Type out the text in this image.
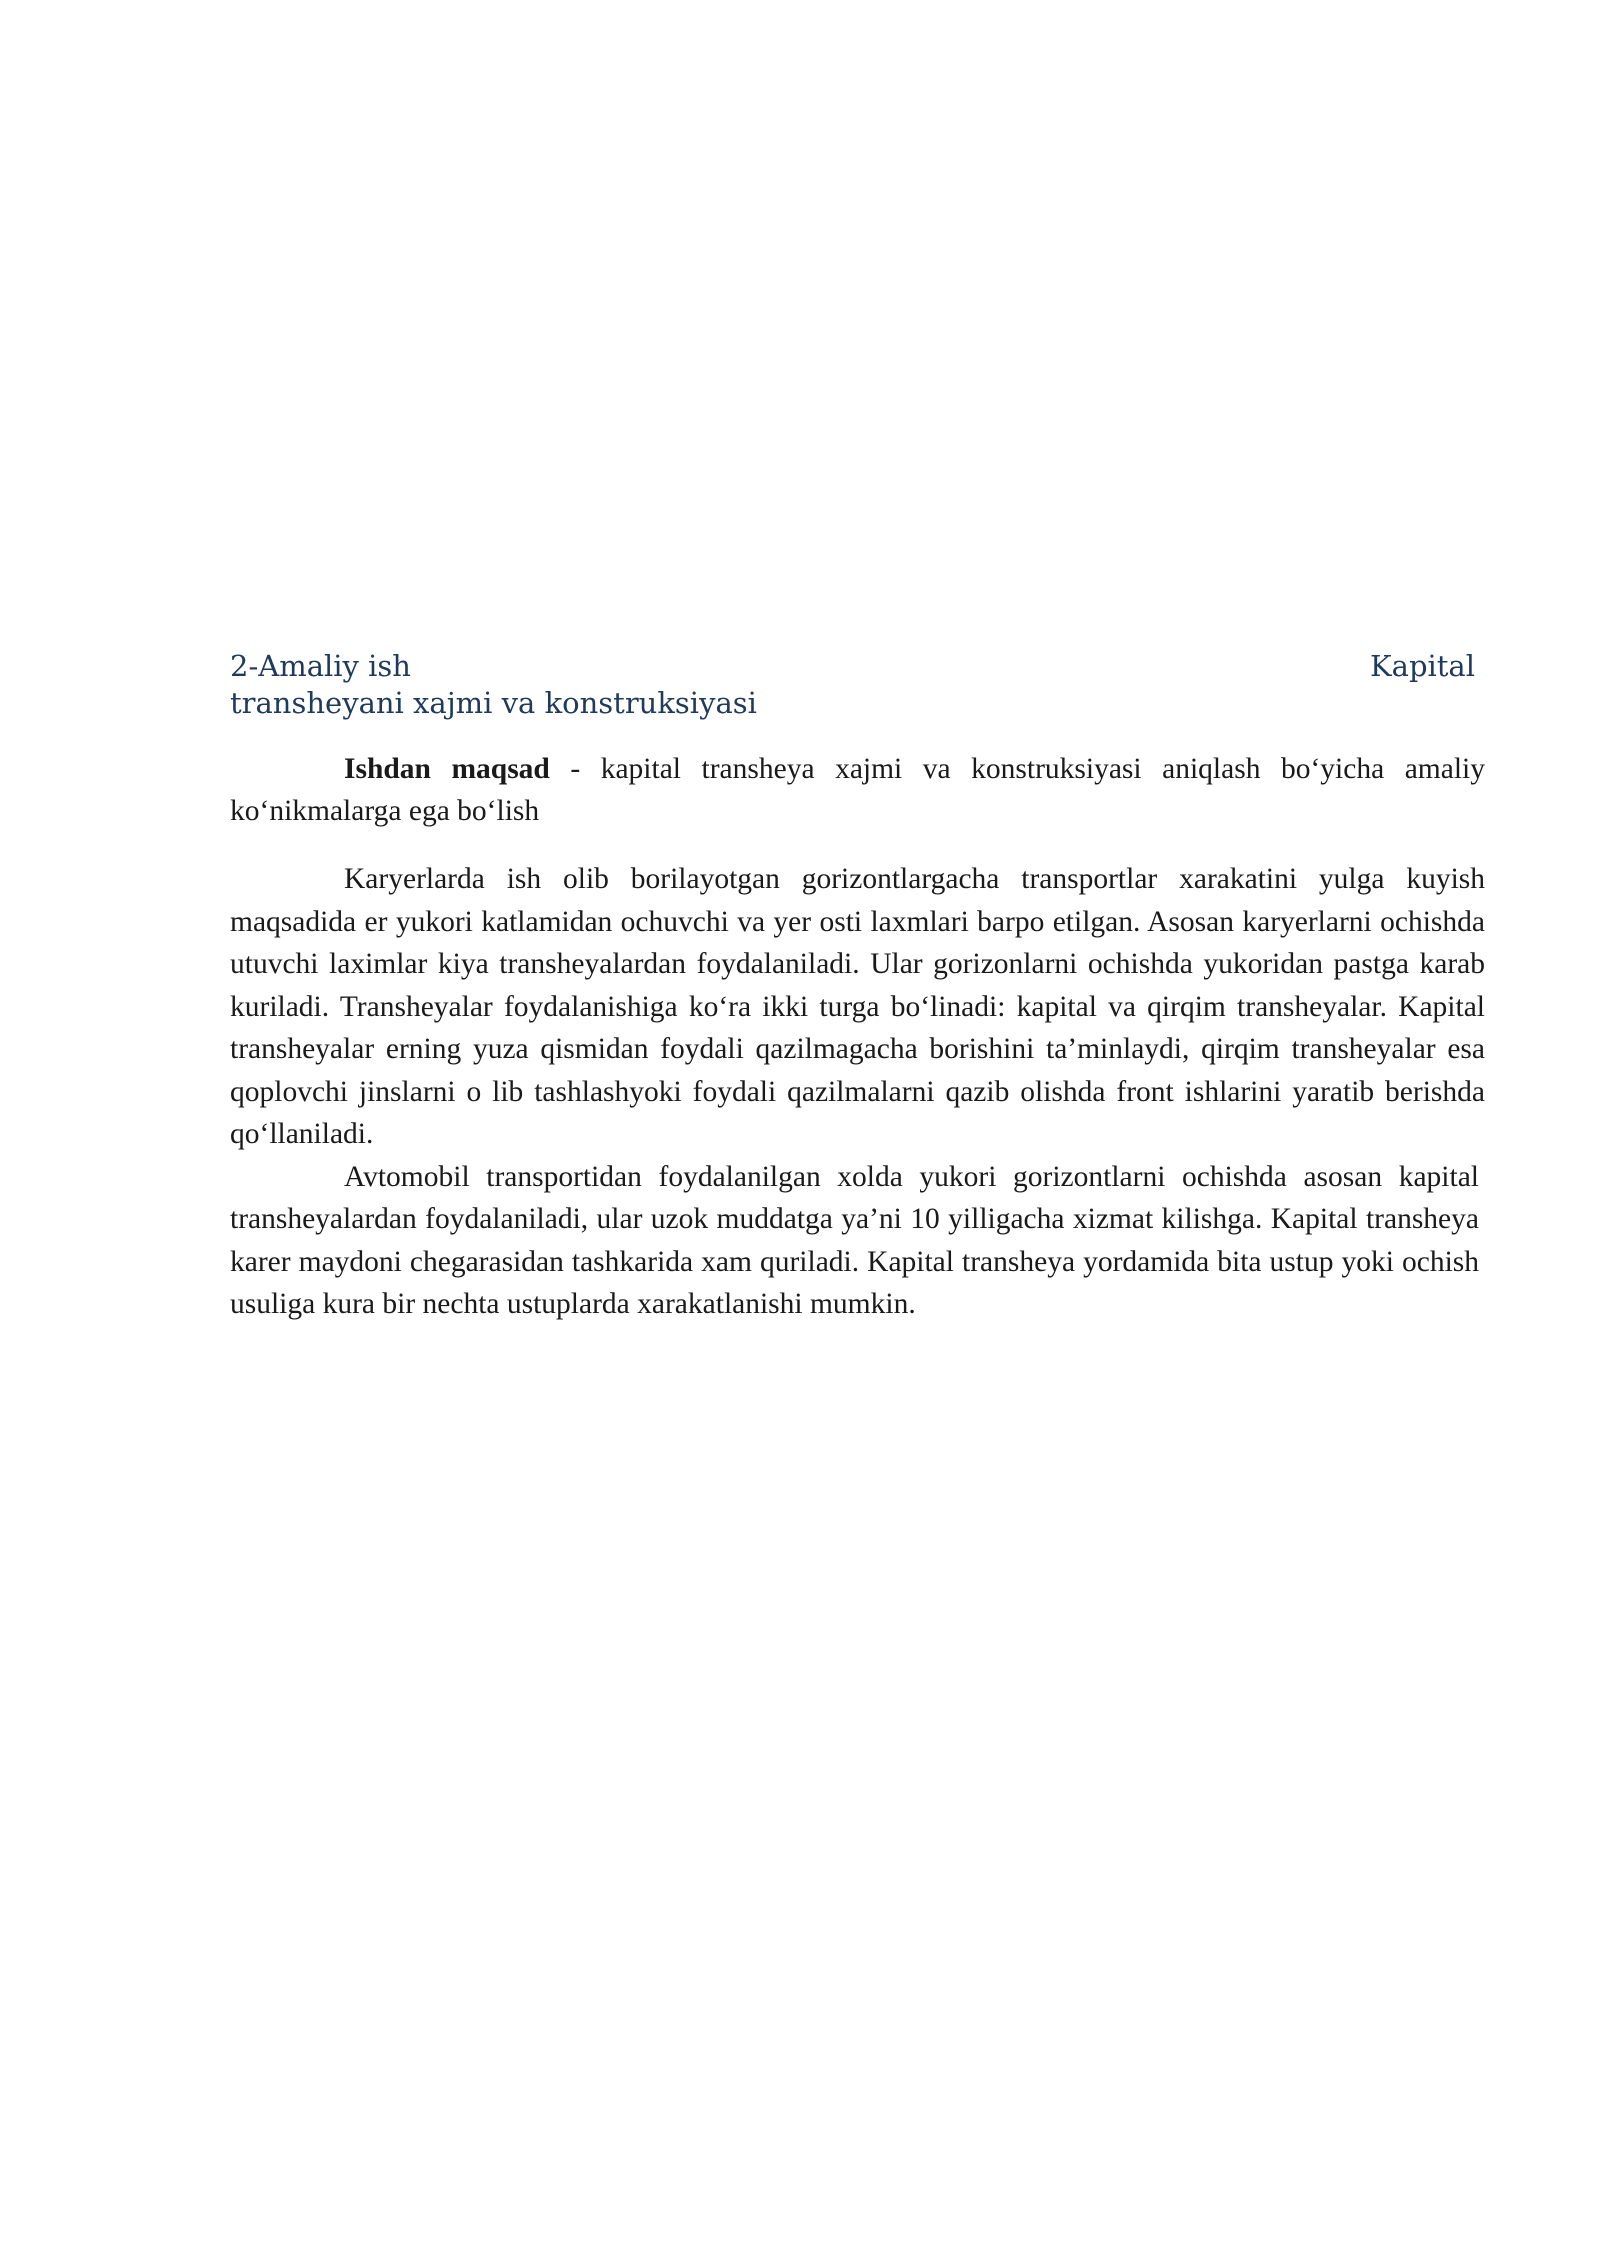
2-Amaliy ish	Kapital
transheyani xajmi va konstruksiyasi
Ishdan maqsad - kapital transheya xajmi va konstruksiyasi aniqlash bo‘yicha amaliy ko‘nikmalarga ega bo‘lish

Karyerlarda ish olib borilayotgan gorizontlargacha transportlar xarakatini yulga kuyish maqsadida er yukori katlamidan ochuvchi va yer osti laxmlari barpo etilgan. Asosan karyerlarni ochishda utuvchi laximlar kiya transheyalardan foydalaniladi. Ular gorizonlarni ochishda yukoridan pastga karab kuriladi. Transheyalar foydalanishiga ko‘ra ikki turga bo‘linadi: kapital va qirqim transheyalar. Kapital transheyalar erning yuza qismidan foydali qazilmagacha borishini ta’minlaydi, qirqim transheyalar esa qoplovchi jinslarni o lib tashlashyoki foydali qazilmalarni qazib olishda front ishlarini yaratib berishda qo‘llaniladi.

Avtomobil transportidan foydalanilgan xolda yukori gorizontlarni ochishda asosan kapital transheyalardan foydalaniladi, ular uzok muddatga ya’ni 10 yilligacha xizmat kilishga. Kapital transheya karer maydoni chegarasidan tashkarida xam quriladi. Kapital transheya yordamida bita ustup yoki ochish usuliga kura bir nechta ustuplarda xarakatlanishi mumkin.
